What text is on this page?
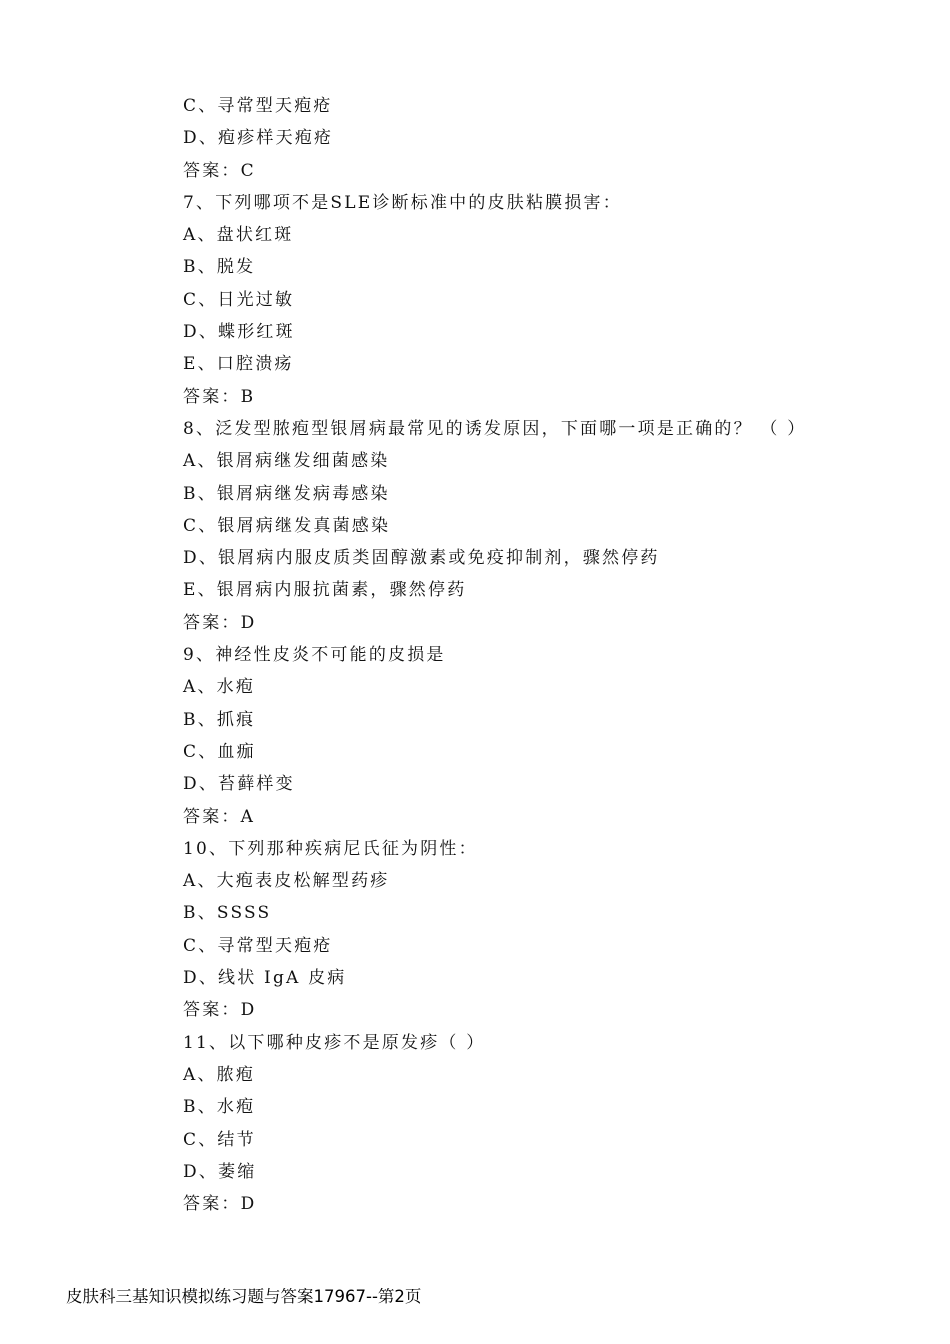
C、寻常型天疱疮
D、疱疹样天疱疮
答案：C
7、下列哪项不是SLE诊断标准中的皮肤粘膜损害：
A、盘状红斑
B、脱发
C、日光过敏
D、蝶形红斑
E、口腔溃疡
答案：B
8、泛发型脓疱型银屑病最常见的诱发原因，下面哪一项是正确的？ （ ）
A、银屑病继发细菌感染
B、银屑病继发病毒感染
C、银屑病继发真菌感染
D、银屑病内服皮质类固醇激素或免疫抑制剂，骤然停药
E、银屑病内服抗菌素，骤然停药
答案：D
9、神经性皮炎不可能的皮损是
A、水疱
B、抓痕
C、血痂
D、苔藓样变
答案：A
10、下列那种疾病尼氏征为阴性：
A、大疱表皮松解型药疹
B、SSSS
C、寻常型天疱疮
D、线状 IgA 皮病
答案：D
11、以下哪种皮疹不是原发疹（ ）
A、脓疱
B、水疱
C、结节
D、萎缩
答案：D
皮肤科三基知识模拟练习题与答案17967--第2页
